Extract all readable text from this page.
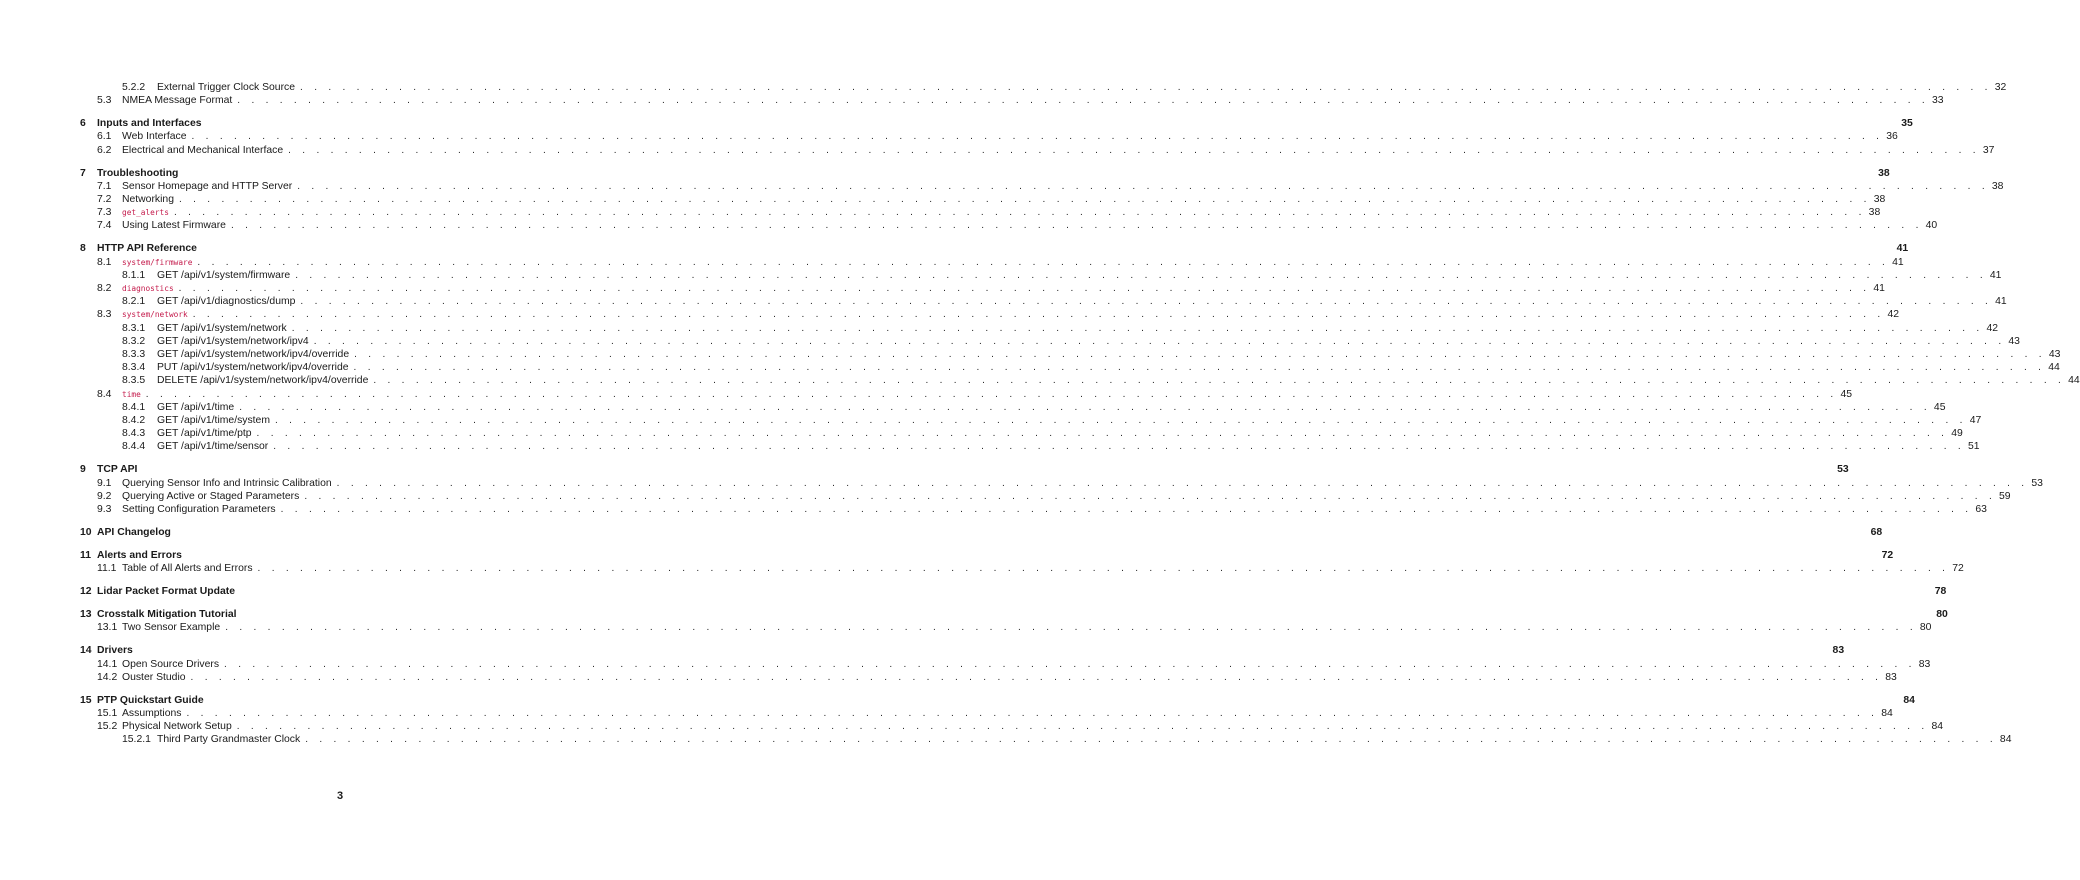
5.2.2	External Trigger Clock Source . . . . . . . . . . . . . . . . . . . . . . . . . . . . . . . . . . . . . . . . . . . . . . . . . . . . . . . . . . . . . . . . . . . . . . . . . . . . . . . . . . . . . . . . . . . . . . . . . . . . . . . . . . . . . . . . . . . . . . . . 32
5.3	NMEA Message Format . . . . . . . . . . . . . . . . . . . . . . . . . . . . . . . . . . . . . . . . . . . . . . . . . . . . . . . . . . . . . . . . . . . . . . . . . . . . . . . . . . . . . . . . . . . . . . . . . . . . . . . . . . . . . . . . . . . . . . . . 33
6	Inputs and Interfaces	35
6.1	Web Interface . . . . . . . . . . . . . . . . . . . . . . . . . . . . . . . . . . . . . . . . . . . . . . . . . . . . . . . . . . . . . . . . . . . . . . . . . . . . . . . . . . . . . . . . . . . . . . . . . . . . . . . . . . . . . . . . . . . . . . . . 36
6.2	Electrical and Mechanical Interface . . . . . . . . . . . . . . . . . . . . . . . . . . . . . . . . . . . . . . . . . . . . . . . . . . . . . . . . . . . . . . . . . . . . . . . . . . . . . . . . . . . . . . . . . . . . . . . . . . . . . . . . . . . . . . . . . . . . . . . . 37
7	Troubleshooting	38
7.1	Sensor Homepage and HTTP Server . . . . . . . . . . . . . . . . . . . . . . . . . . . . . . . . . . . . . . . . . . . . . . . . . . . . . . . . . . . . . . . . . . . . . . . . . . . . . . . . . . . . . . . . . . . . . . . . . . . . . . . . . . . . . . . . . . . . . . . . 38
7.2	Networking . . . . . . . . . . . . . . . . . . . . . . . . . . . . . . . . . . . . . . . . . . . . . . . . . . . . . . . . . . . . . . . . . . . . . . . . . . . . . . . . . . . . . . . . . . . . . . . . . . . . . . . . . . . . . . . . . . . . . . . . 38
7.3	get_alerts . . . . . . . . . . . . . . . . . . . . . . . . . . . . . . . . . . . . . . . . . . . . . . . . . . . . . . . . . . . . . . . . . . . . . . . . . . . . . . . . . . . . . . . . . . . . . . . . . . . . . . . . . . . . . . . . . . . . . . . . 38
7.4	Using Latest Firmware . . . . . . . . . . . . . . . . . . . . . . . . . . . . . . . . . . . . . . . . . . . . . . . . . . . . . . . . . . . . . . . . . . . . . . . . . . . . . . . . . . . . . . . . . . . . . . . . . . . . . . . . . . . . . . . . . . . . . . . . 40
8	HTTP API Reference	41
8.1	system/firmware . . . . . . . . . . . . . . . . . . . . . . . . . . . . . . . . . . . . . . . . . . . . . . . . . . . . . . . . . . . . . . . . . . . . . . . . . . . . . . . . . . . . . . . . . . . . . . . . . . . . . . . . . . . . . . . . . . . . . . . . 41
8.1.1	GET /api/v1/system/firmware . . . . . . . . . . . . . . . . . . . . . . . . . . . . . . . . . . . . . . . . . . . . . . . . . . . . . . . . . . . . . . . . . . . . . . . . . . . . . . . . . . . . . . . . . . . . . . . . . . . . . . . . . . . . . . . . . . . . . . . . 41
8.2	diagnostics . . . . . . . . . . . . . . . . . . . . . . . . . . . . . . . . . . . . . . . . . . . . . . . . . . . . . . . . . . . . . . . . . . . . . . . . . . . . . . . . . . . . . . . . . . . . . . . . . . . . . . . . . . . . . . . . . . . . . . . . 41
8.2.1	GET /api/v1/diagnostics/dump . . . . . . . . . . . . . . . . . . . . . . . . . . . . . . . . . . . . . . . . . . . . . . . . . . . . . . . . . . . . . . . . . . . . . . . . . . . . . . . . . . . . . . . . . . . . . . . . . . . . . . . . . . . . . . . . . . . . . . . . 41
8.3	system/network . . . . . . . . . . . . . . . . . . . . . . . . . . . . . . . . . . . . . . . . . . . . . . . . . . . . . . . . . . . . . . . . . . . . . . . . . . . . . . . . . . . . . . . . . . . . . . . . . . . . . . . . . . . . . . . . . . . . . . . . 42
8.3.1	GET /api/v1/system/network . . . . . . . . . . . . . . . . . . . . . . . . . . . . . . . . . . . . . . . . . . . . . . . . . . . . . . . . . . . . . . . . . . . . . . . . . . . . . . . . . . . . . . . . . . . . . . . . . . . . . . . . . . . . . . . . . . . . . . . . 42
8.3.2	GET /api/v1/system/network/ipv4 . . . . . . . . . . . . . . . . . . . . . . . . . . . . . . . . . . . . . . . . . . . . . . . . . . . . . . . . . . . . . . . . . . . . . . . . . . . . . . . . . . . . . . . . . . . . . . . . . . . . . . . . . . . . . . . . . . . . . . . . 43
8.3.3	GET /api/v1/system/network/ipv4/override . . . . . . . . . . . . . . . . . . . . . . . . . . . . . . . . . . . . . . . . . . . . . . . . . . . . . . . . . . . . . . . . . . . . . . . . . . . . . . . . . . . . . . . . . . . . . . . . . . . . . . . . . . . . . . . . . . . . . . . . 43
8.3.4	PUT /api/v1/system/network/ipv4/override . . . . . . . . . . . . . . . . . . . . . . . . . . . . . . . . . . . . . . . . . . . . . . . . . . . . . . . . . . . . . . . . . . . . . . . . . . . . . . . . . . . . . . . . . . . . . . . . . . . . . . . . . . . . . . . . . . . . . . . . 44
8.3.5	DELETE /api/v1/system/network/ipv4/override . . . . . . . . . . . . . . . . . . . . . . . . . . . . . . . . . . . . . . . . . . . . . . . . . . . . . . . . . . . . . . . . . . . . . . . . . . . . . . . . . . . . . . . . . . . . . . . . . . . . . . . . . . . . . . . . . . . . . . . . 44
8.4	time . . . . . . . . . . . . . . . . . . . . . . . . . . . . . . . . . . . . . . . . . . . . . . . . . . . . . . . . . . . . . . . . . . . . . . . . . . . . . . . . . . . . . . . . . . . . . . . . . . . . . . . . . . . . . . . . . . . . . . . . 45
8.4.1	GET /api/v1/time . . . . . . . . . . . . . . . . . . . . . . . . . . . . . . . . . . . . . . . . . . . . . . . . . . . . . . . . . . . . . . . . . . . . . . . . . . . . . . . . . . . . . . . . . . . . . . . . . . . . . . . . . . . . . . . . . . . . . . . . 45
8.4.2	GET /api/v1/time/system . . . . . . . . . . . . . . . . . . . . . . . . . . . . . . . . . . . . . . . . . . . . . . . . . . . . . . . . . . . . . . . . . . . . . . . . . . . . . . . . . . . . . . . . . . . . . . . . . . . . . . . . . . . . . . . . . . . . . . . . 47
8.4.3	GET /api/v1/time/ptp . . . . . . . . . . . . . . . . . . . . . . . . . . . . . . . . . . . . . . . . . . . . . . . . . . . . . . . . . . . . . . . . . . . . . . . . . . . . . . . . . . . . . . . . . . . . . . . . . . . . . . . . . . . . . . . . . . . . . . . . 49
8.4.4	GET /api/v1/time/sensor . . . . . . . . . . . . . . . . . . . . . . . . . . . . . . . . . . . . . . . . . . . . . . . . . . . . . . . . . . . . . . . . . . . . . . . . . . . . . . . . . . . . . . . . . . . . . . . . . . . . . . . . . . . . . . . . . . . . . . . . 51
9	TCP API	53
9.1	Querying Sensor Info and Intrinsic Calibration . . . . . . . . . . . . . . . . . . . . . . . . . . . . . . . . . . . . . . . . . . . . . . . . . . . . . . . . . . . . . . . . . . . . . . . . . . . . . . . . . . . . . . . . . . . . . . . . . . . . . . . . . . . . . . . . . . . . . . . . 53
9.2	Querying Active or Staged Parameters . . . . . . . . . . . . . . . . . . . . . . . . . . . . . . . . . . . . . . . . . . . . . . . . . . . . . . . . . . . . . . . . . . . . . . . . . . . . . . . . . . . . . . . . . . . . . . . . . . . . . . . . . . . . . . . . . . . . . . . . 59
9.3	Setting Configuration Parameters . . . . . . . . . . . . . . . . . . . . . . . . . . . . . . . . . . . . . . . . . . . . . . . . . . . . . . . . . . . . . . . . . . . . . . . . . . . . . . . . . . . . . . . . . . . . . . . . . . . . . . . . . . . . . . . . . . . . . . . . 63
10 API Changelog	68
11 Alerts and Errors	72
11.1 Table of All Alerts and Errors . . . . . . . . . . . . . . . . . . . . . . . . . . . . . . . . . . . . . . . . . . . . . . . . . . . . . . . . . . . . . . . . . . . . . . . . . . . . . . . . . . . . . . . . . . . . . . . . . . . . . . . . . . . . . . . . . . . . . . . . 72
12 Lidar Packet Format Update	78
13 Crosstalk Mitigation Tutorial	80
13.1 Two Sensor Example . . . . . . . . . . . . . . . . . . . . . . . . . . . . . . . . . . . . . . . . . . . . . . . . . . . . . . . . . . . . . . . . . . . . . . . . . . . . . . . . . . . . . . . . . . . . . . . . . . . . . . . . . . . . . . . . . . . . . . . . 80
14 Drivers	83
14.1 Open Source Drivers . . . . . . . . . . . . . . . . . . . . . . . . . . . . . . . . . . . . . . . . . . . . . . . . . . . . . . . . . . . . . . . . . . . . . . . . . . . . . . . . . . . . . . . . . . . . . . . . . . . . . . . . . . . . . . . . . . . . . . . . 83
14.2 Ouster Studio . . . . . . . . . . . . . . . . . . . . . . . . . . . . . . . . . . . . . . . . . . . . . . . . . . . . . . . . . . . . . . . . . . . . . . . . . . . . . . . . . . . . . . . . . . . . . . . . . . . . . . . . . . . . . . . . . . . . . . . . 83
15 PTP Quickstart Guide	84
15.1 Assumptions . . . . . . . . . . . . . . . . . . . . . . . . . . . . . . . . . . . . . . . . . . . . . . . . . . . . . . . . . . . . . . . . . . . . . . . . . . . . . . . . . . . . . . . . . . . . . . . . . . . . . . . . . . . . . . . . . . . . . . . . 84
15.2 Physical Network Setup . . . . . . . . . . . . . . . . . . . . . . . . . . . . . . . . . . . . . . . . . . . . . . . . . . . . . . . . . . . . . . . . . . . . . . . . . . . . . . . . . . . . . . . . . . . . . . . . . . . . . . . . . . . . . . . . . . . . . . . . 84
15.2.1 Third Party Grandmaster Clock . . . . . . . . . . . . . . . . . . . . . . . . . . . . . . . . . . . . . . . . . . . . . . . . . . . . . . . . . . . . . . . . . . . . . . . . . . . . . . . . . . . . . . . . . . . . . . . . . . . . . . . . . . . . . . . . . . . . . . . . 84
3
